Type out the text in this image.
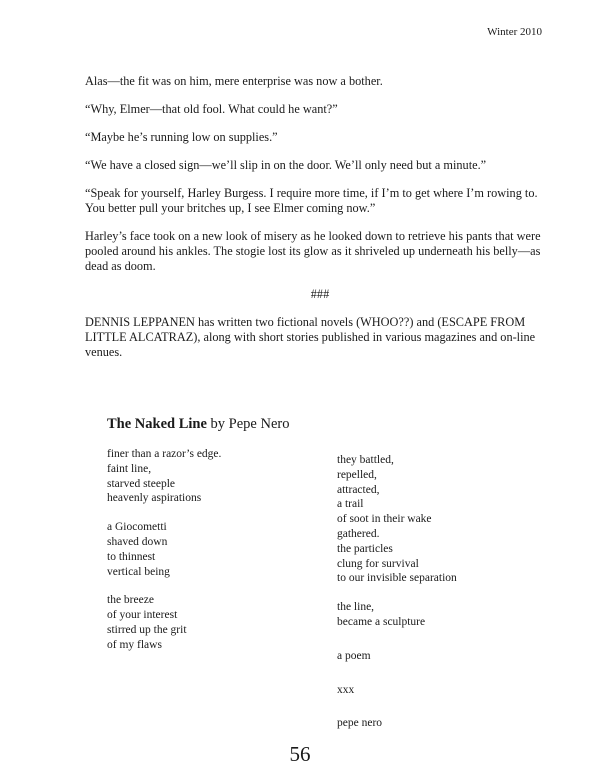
Winter 2010

Alas—the fit was on him, mere enterprise was now a bother.

“Why, Elmer—that old fool. What could he want?”

“Maybe he’s running low on supplies.”

“We have a closed sign—we’ll slip in on the door. We’ll only need but a minute.”

“Speak for yourself, Harley Burgess. I require more time, if I’m to get where I’m rowing to. You better pull your britches up, I see Elmer coming now.”

Harley’s face took on a new look of misery as he looked down to retrieve his pants that were pooled around his ankles. The stogie lost its glow as it shriveled up underneath his belly—as dead as doom.

###

DENNIS LEPPANEN has written two fictional novels (WHOO??) and (ESCAPE FROM LITTLE ALCATRAZ), along with short stories published in various magazines and on-line venues.

The Naked Line by Pepe Nero
finer than a razor’s edge.
faint line,
starved steeple
heavenly aspirations
a Giocometti
shaved down
to thinnest
vertical being
the breeze
of your interest
stirred up the grit
of my flaws
they battled,
repelled,
attracted,
a trail
of soot in their wake
gathered.
the particles
clung for survival
to our invisible separation
the line,
became a sculpture
a poem
xxx
pepe nero
56
